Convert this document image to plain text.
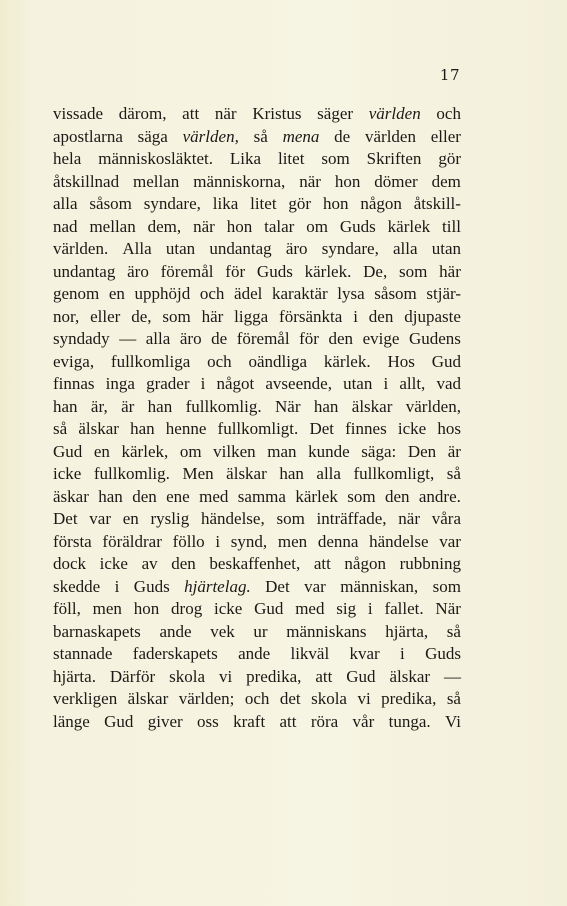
17
vissade därom, att när Kristus säger världen och
apostlarna säga världen, så mena de världen eller
hela människosläktet. Lika litet som Skriften gör
åtskillnad mellan människorna, när hon dömer dem
alla såsom syndare, lika litet gör hon någon åtskill-
nad mellan dem, när hon talar om Guds kärlek till
världen. Alla utan undantag äro syndare, alla utan
undantag äro föremål för Guds kärlek. De, som här
genom en upphöjd och ädel karaktär lysa såsom stjär-
nor, eller de, som här ligga försänkta i den djupaste
syndady — alla äro de föremål för den evige Gudens
eviga, fullkomliga och oändliga kärlek. Hos Gud
finnas inga grader i något avseende, utan i allt, vad
han är, är han fullkomlig. När han älskar världen,
så älskar han henne fullkomligt. Det finnes icke hos
Gud en kärlek, om vilken man kunde säga: Den är
icke fullkomlig. Men älskar han alla fullkomligt, så
äskar han den ene med samma kärlek som den andre.
Det var en ryslig händelse, som inträffade, när våra
första föräldrar föllo i synd, men denna händelse var
dock icke av den beskaffenhet, att någon rubbning
skedde i Guds hjärtelag. Det var människan, som
föll, men hon drog icke Gud med sig i fallet. När
barnaskapets ande vek ur människans hjärta, så
stannade faderskapets ande likväl kvar i Guds
hjärta. Därför skola vi predika, att Gud älskar —
verkligen älskar världen; och det skola vi predika, så
länge Gud giver oss kraft att röra vår tunga. Vi
